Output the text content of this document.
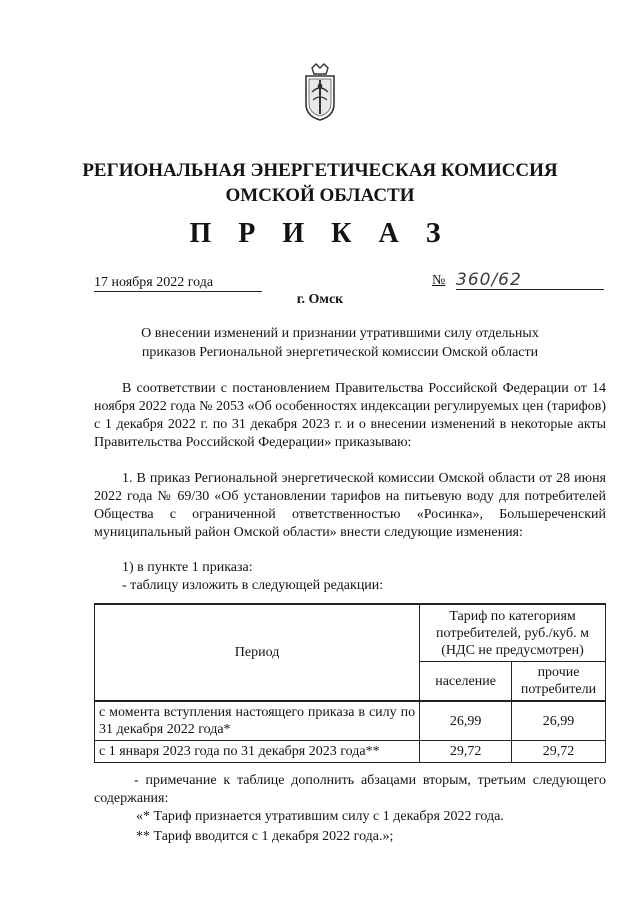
РЕГИОНАЛЬНАЯ ЭНЕРГЕТИЧЕСКАЯ КОМИССИЯ
ОМСКОЙ ОБЛАСТИ
П Р И К А З
17 ноября 2022 года	№ 360/62
г. Омск
О внесении изменений и признании утратившими силу отдельных приказов Региональной энергетической комиссии Омской области
В соответствии с постановлением Правительства Российской Федерации от 14 ноября 2022 года № 2053 «Об особенностях индексации регулируемых цен (тарифов) с 1 декабря 2022 г. по 31 декабря 2023 г. и о внесении изменений в некоторые акты Правительства Российской Федерации» приказываю:
1. В приказ Региональной энергетической комиссии Омской области от 28 июня 2022 года № 69/30 «Об установлении тарифов на питьевую воду для потребителей Общества с ограниченной ответственностью «Росинка», Большереченский муниципальный район Омской области» внести следующие изменения:
1) в пункте 1 приказа:
- таблицу изложить в следующей редакции:
Период	Тариф по категориям потребителей, руб./куб. м (НДС не предусмотрен)	
	население	прочие потребители
с момента вступления настоящего приказа в силу по 31 декабря 2022 года*	26,99	26,99
с 1 января 2023 года по 31 декабря 2023 года**	29,72	29,72
- примечание к таблице дополнить абзацами вторым, третьим следующего содержания:
«* Тариф признается утратившим силу с 1 декабря 2022 года.
** Тариф вводится с 1 декабря 2022 года.»;
